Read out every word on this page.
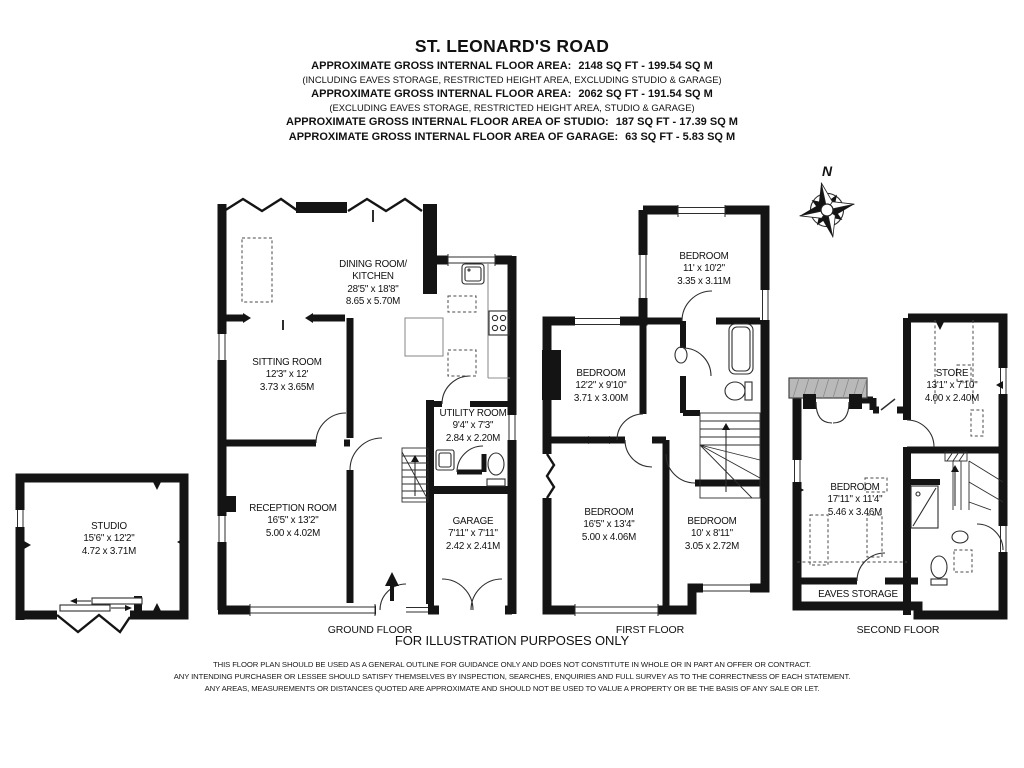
ST. LEONARD'S ROAD
APPROXIMATE GROSS INTERNAL FLOOR AREA: 2148 SQ FT - 199.54 SQ M
(INCLUDING EAVES STORAGE, RESTRICTED HEIGHT AREA, EXCLUDING STUDIO & GARAGE)
APPROXIMATE GROSS INTERNAL FLOOR AREA: 2062 SQ FT - 191.54 SQ M
(EXCLUDING EAVES STORAGE, RESTRICTED HEIGHT AREA, STUDIO & GARAGE)
APPROXIMATE GROSS INTERNAL FLOOR AREA OF STUDIO: 187 SQ FT - 17.39 SQ M
APPROXIMATE GROSS INTERNAL FLOOR AREA OF GARAGE: 63 SQ FT - 5.83 SQ M
N
DINING ROOM/
KITCHEN
28'5" x 18'8"
8.65 x 5.70M
SITTING ROOM
12'3" x 12'
3.73 x 3.65M
RECEPTION ROOM
16'5" x 13'2"
5.00 x 4.02M
UTILITY ROOM
9'4" x 7'3"
2.84 x 2.20M
GARAGE
7'11" x 7'11"
2.42 x 2.41M
BEDROOM
11' x 10'2"
3.35 x 3.11M
BEDROOM
12'2" x 9'10"
3.71 x 3.00M
BEDROOM
16'5" x 13'4"
5.00 x 4.06M
BEDROOM
10' x 8'11"
3.05 x 2.72M
STORE
13'1" x 7'10"
4.00 x 2.40M
BEDROOM
17'11" x 11'4"
5.46 x 3.46M
EAVES STORAGE
STUDIO
15'6" x 12'2"
4.72 x 3.71M
GROUND FLOOR	FIRST FLOOR	SECOND FLOOR
FOR ILLUSTRATION PURPOSES ONLY
THIS FLOOR PLAN SHOULD BE USED AS A GENERAL OUTLINE FOR GUIDANCE ONLY AND DOES NOT CONSTITUTE IN WHOLE OR IN PART AN OFFER OR CONTRACT.
ANY INTENDING PURCHASER OR LESSEE SHOULD SATISFY THEMSELVES BY INSPECTION, SEARCHES, ENQUIRIES AND FULL SURVEY AS TO THE CORRECTNESS OF EACH STATEMENT.
ANY AREAS, MEASUREMENTS OR DISTANCES QUOTED ARE APPROXIMATE AND SHOULD NOT BE USED TO VALUE A PROPERTY OR BE THE BASIS OF ANY SALE OR LET.
